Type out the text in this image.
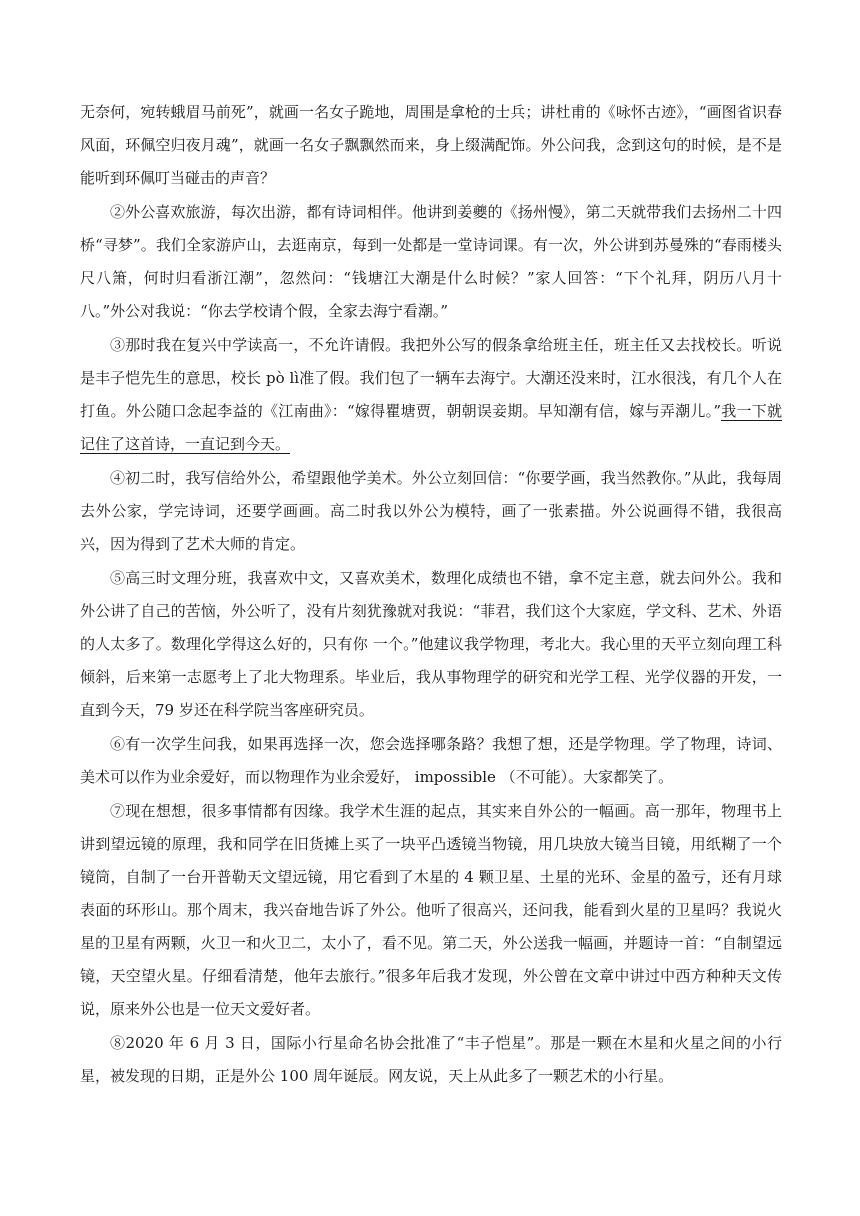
无奈何，宛转蛾眉马前死”，就画一名女子跪地，周围是拿枪的士兵；讲杜甫的《咏怀古迹》，“画图省识春风面，环佩空归夜月魂”，就画一名女子飘飘然而来，身上缀满配饰。外公问我，念到这句的时候，是不是能听到环佩叮当碰击的声音？

②外公喜欢旅游，每次出游，都有诗词相伴。他讲到姜夔的《扬州慢》，第二天就带我们去扬州二十四桥“寻梦”。我们全家游庐山，去逛南京，每到一处都是一堂诗词课。有一次，外公讲到苏曼殊的“春雨楼头尺八箫，何时归看浙江潮”，忽然问：“钱塘江大潮是什么时候？”家人回答：“下个礼拜，阴历八月十八。”外公对我说：“你去学校请个假，全家去海宁看潮。”

③那时我在复兴中学读高一，不允许请假。我把外公写的假条拿给班主任，班主任又去找校长。听说是丰子恺先生的意思，校长 pò lì准了假。我们包了一辆车去海宁。大潮还没来时，江水很浅，有几个人在打鱼。外公随口念起李益的《江南曲》：“嫁得瞿塘贾，朝朝误妾期。早知潮有信，嫁与弄潮儿。”我一下就记住了这首诗，一直记到今天。

④初二时，我写信给外公，希望跟他学美术。外公立刻回信：“你要学画，我当然教你。”从此，我每周去外公家，学完诗词，还要学画画。高二时我以外公为模特，画了一张素描。外公说画得不错，我很高兴，因为得到了艺术大师的肯定。

⑤高三时文理分班，我喜欢中文，又喜欢美术，数理化成绩也不错，拿不定主意，就去问外公。我和外公讲了自己的苦恼，外公听了，没有片刻犹豫就对我说：“菲君，我们这个大家庭，学文科、艺术、外语的人太多了。数理化学得这么好的，只有你 一个。”他建议我学物理，考北大。我心里的天平立刻向理工科倾斜，后来第一志愿考上了北大物理系。毕业后，我从事物理学的研究和光学工程、光学仪器的开发，一直到今天，79 岁还在科学院当客座研究员。

⑥有一次学生问我，如果再选择一次，您会选择哪条路？我想了想，还是学物理。学了物理，诗词、美术可以作为业余爱好，而以物理作为业余爱好， impossible （不可能）。大家都笑了。

⑦现在想想，很多事情都有因缘。我学术生涯的起点，其实来自外公的一幅画。高一那年，物理书上讲到望远镜的原理，我和同学在旧货摊上买了一块平凸透镜当物镜，用几块放大镜当目镜，用纸糊了一个镜筒，自制了一台开普勒天文望远镜，用它看到了木星的 4 颗卫星、土星的光环、金星的盈亏，还有月球表面的环形山。那个周末，我兴奋地告诉了外公。他听了很高兴，还问我，能看到火星的卫星吗？我说火星的卫星有两颗，火卫一和火卫二，太小了，看不见。第二天，外公送我一幅画，并题诗一首：“自制望远镜，天空望火星。仔细看清楚，他年去旅行。”很多年后我才发现，外公曾在文章中讲过中西方种种天文传说，原来外公也是一位天文爱好者。

⑧2020 年 6 月 3 日，国际小行星命名协会批准了“丰子恺星”。那是一颗在木星和火星之间的小行星，被发现的日期，正是外公 100 周年诞辰。网友说，天上从此多了一颗艺术的小行星。
